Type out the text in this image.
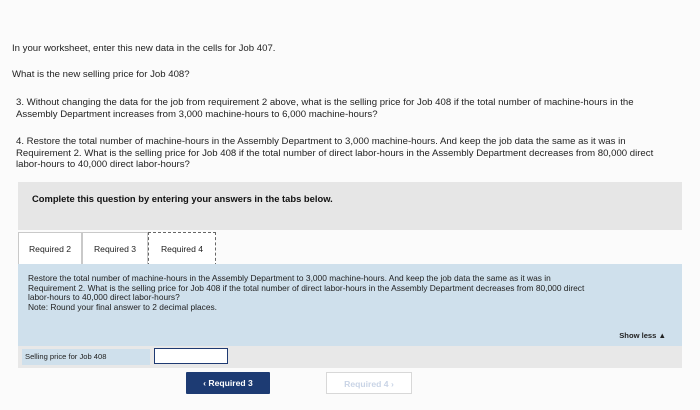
In your worksheet, enter this new data in the cells for Job 407.
What is the new selling price for Job 408?
3. Without changing the data for the job from requirement 2 above, what is the selling price for Job 408 if the total number of machine-hours in the Assembly Department increases from 3,000 machine-hours to 6,000 machine-hours?
4. Restore the total number of machine-hours in the Assembly Department to 3,000 machine-hours. And keep the job data the same as it was in Requirement 2. What is the selling price for Job 408 if the total number of direct labor-hours in the Assembly Department decreases from 80,000 direct labor-hours to 40,000 direct labor-hours?
Complete this question by entering your answers in the tabs below.
Required 2	Required 3	Required 4
Restore the total number of machine-hours in the Assembly Department to 3,000 machine-hours. And keep the job data the same as it was in Requirement 2. What is the selling price for Job 408 if the total number of direct labor-hours in the Assembly Department decreases from 80,000 direct labor-hours to 40,000 direct labor-hours?
Note: Round your final answer to 2 decimal places.
Show less ▲
Selling price for Job 408
‹ Required 3	Required 4 ›
